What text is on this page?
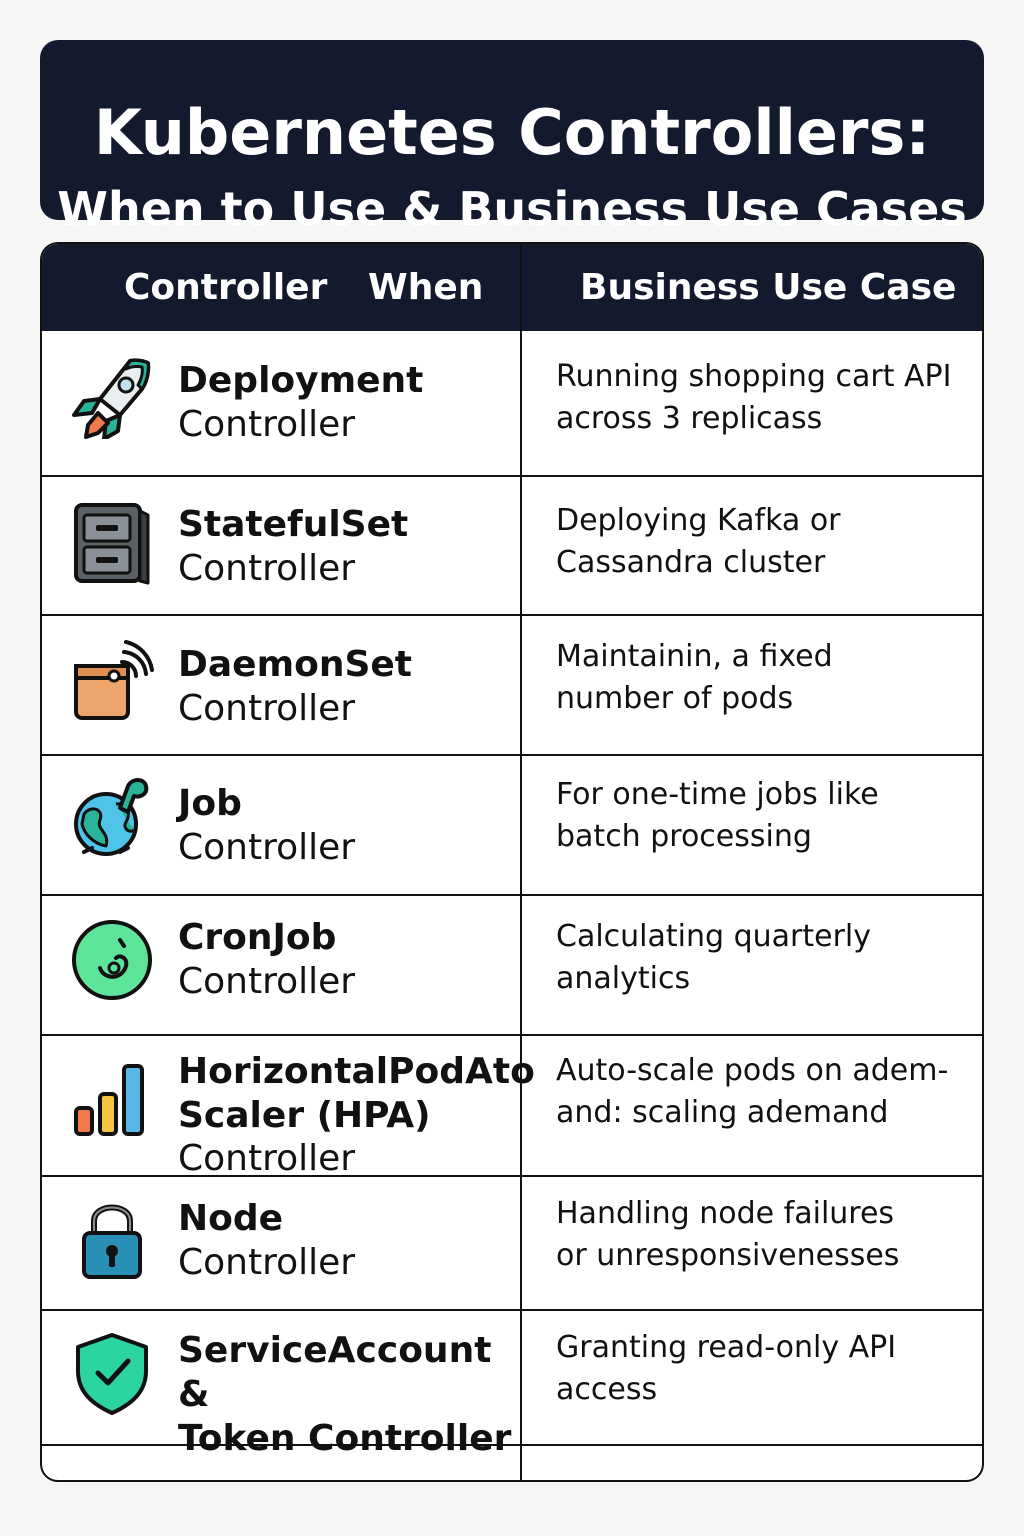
Kubernetes Controllers:
When to Use & Business Use Cases
Controller When	Business Use Case
Deployment
Controller
Running shopping cart API
across 3 replicass
StatefulSet
Controller
Deploying Kafka or
Cassandra cluster
DaemonSet
Controller
Maintainin, a fixed
number of pods
Job
Controller
For one-time jobs like
batch processing
CronJob
Controller
Calculating quarterly
analytics
HorizontalPodAto
Scaler (HPA)
Controller
Auto-scale pods on adem-
and: scaling ademand
Node
Controller
Handling node failures
or unresponsivenesses
ServiceAccount &
Token Controller
Granting read-only API
access
